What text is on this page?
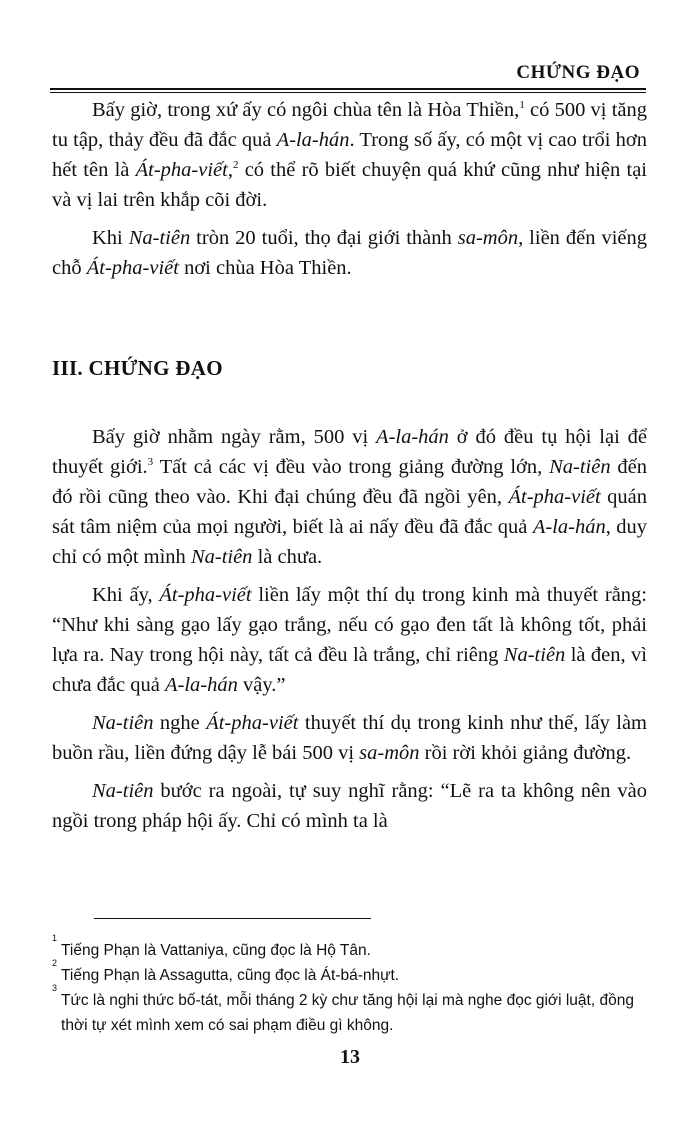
CHỨNG ĐẠO

Bấy giờ, trong xứ ấy có ngôi chùa tên là Hòa Thiền,$^1$ có 500 vị tăng tu tập, thảy đều đã đắc quả A-la-hán. Trong số ấy, có một vị cao trổi hơn hết tên là Át-pha-viết,$^2$ có thể rõ biết chuyện quá khứ cũng như hiện tại và vị lai trên khắp cõi đời.

Khi Na-tiên tròn 20 tuổi, thọ đại giới thành sa-môn, liền đến viếng chỗ Át-pha-viết nơi chùa Hòa Thiền.

III. CHỨNG ĐẠO

Bấy giờ nhằm ngày rằm, 500 vị A-la-hán ở đó đều tụ hội lại để thuyết giới.$^3$ Tất cả các vị đều vào trong giảng đường lớn, Na-tiên đến đó rồi cũng theo vào. Khi đại chúng đều đã ngồi yên, Át-pha-viết quán sát tâm niệm của mọi người, biết là ai nấy đều đã đắc quả A-la-hán, duy chỉ có một mình Na-tiên là chưa.

Khi ấy, Át-pha-viết liền lấy một thí dụ trong kinh mà thuyết rằng: “Như khi sàng gạo lấy gạo trắng, nếu có gạo đen tất là không tốt, phải lựa ra. Nay trong hội này, tất cả đều là trắng, chỉ riêng Na-tiên là đen, vì chưa đắc quả A-la-hán vậy.”

Na-tiên nghe Át-pha-viết thuyết thí dụ trong kinh như thế, lấy làm buồn rầu, liền đứng dậy lễ bái 500 vị sa-môn rồi rời khỏi giảng đường.

Na-tiên bước ra ngoài, tự suy nghĩ rằng: “Lẽ ra ta không nên vào ngồi trong pháp hội ấy. Chỉ có mình ta là

1
Tiếng Phạn là Vattaniya, cũng đọc là Hộ Tân.
2
Tiếng Phạn là Assagutta, cũng đọc là Át-bá-nhựt.
3
Tức là nghi thức bố-tát, mỗi tháng 2 kỳ chư tăng hội lại mà nghe đọc giới luật, đồng thời tự xét mình xem có sai phạm điều gì không.
13
